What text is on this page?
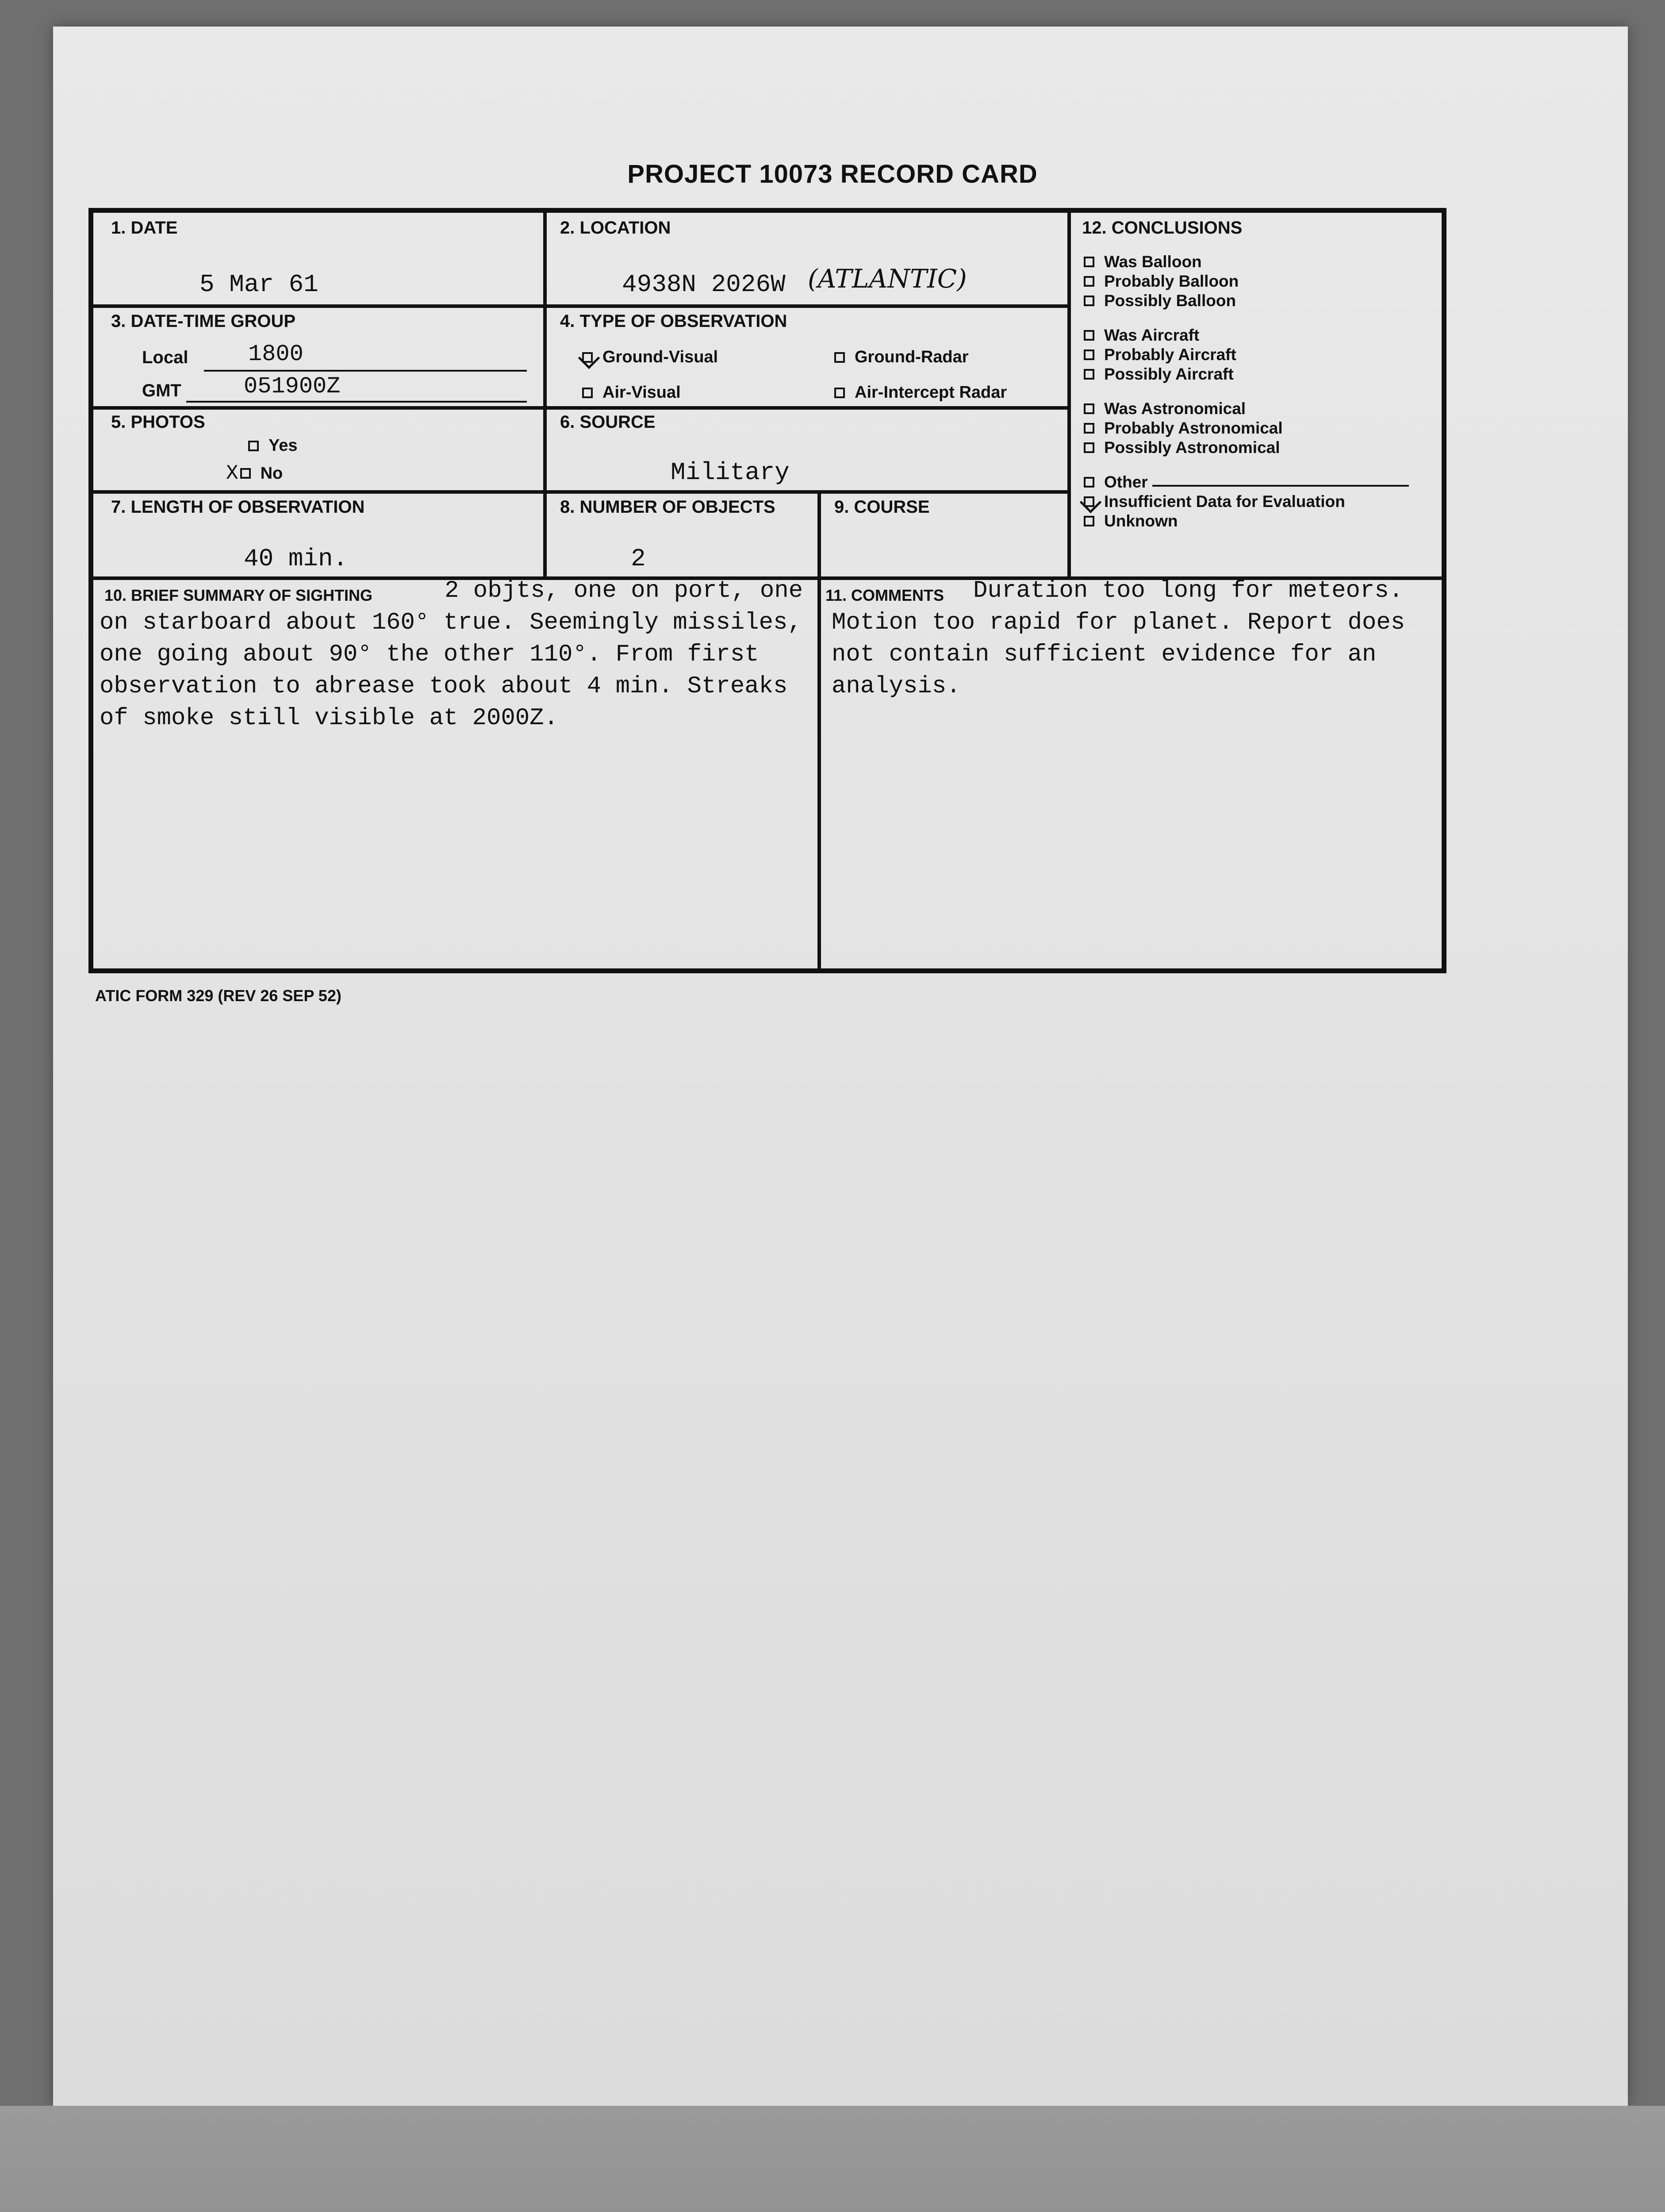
PROJECT 10073 RECORD CARD
1. DATE
5 Mar 61
2. LOCATION
4938N 2026W (ATLANTIC)
3. DATE-TIME GROUP
Local	1800
GMT	051900Z
4. TYPE OF OBSERVATION
Ground-Visual	Ground-Radar
Air-Visual	Air-Intercept Radar
5. PHOTOS
Yes
X No
6. SOURCE
Military
7. LENGTH OF OBSERVATION
40 min.
8. NUMBER OF OBJECTS
2
9. COURSE
12. CONCLUSIONS
10. BRIEF SUMMARY OF SIGHTING	11. COMMENTS
Was Balloon
Probably Balloon
Possibly Balloon
Was Aircraft
Probably Aircraft
Possibly Aircraft
Was Astronomical
Probably Astronomical
Possibly Astronomical
Other
Insufficient Data for Evaluation
Unknown
2 objts, one on port, one on starboard about 160° true. Seemingly missiles, one going about 90° the other 110°. From first observation to abrease took about 4 min. Streaks of smoke still visible at 2000Z.
Duration too long for meteors. Motion too rapid for planet. Report does not contain sufficient evidence for an analysis.
ATIC FORM 329 (REV 26 SEP 52)
